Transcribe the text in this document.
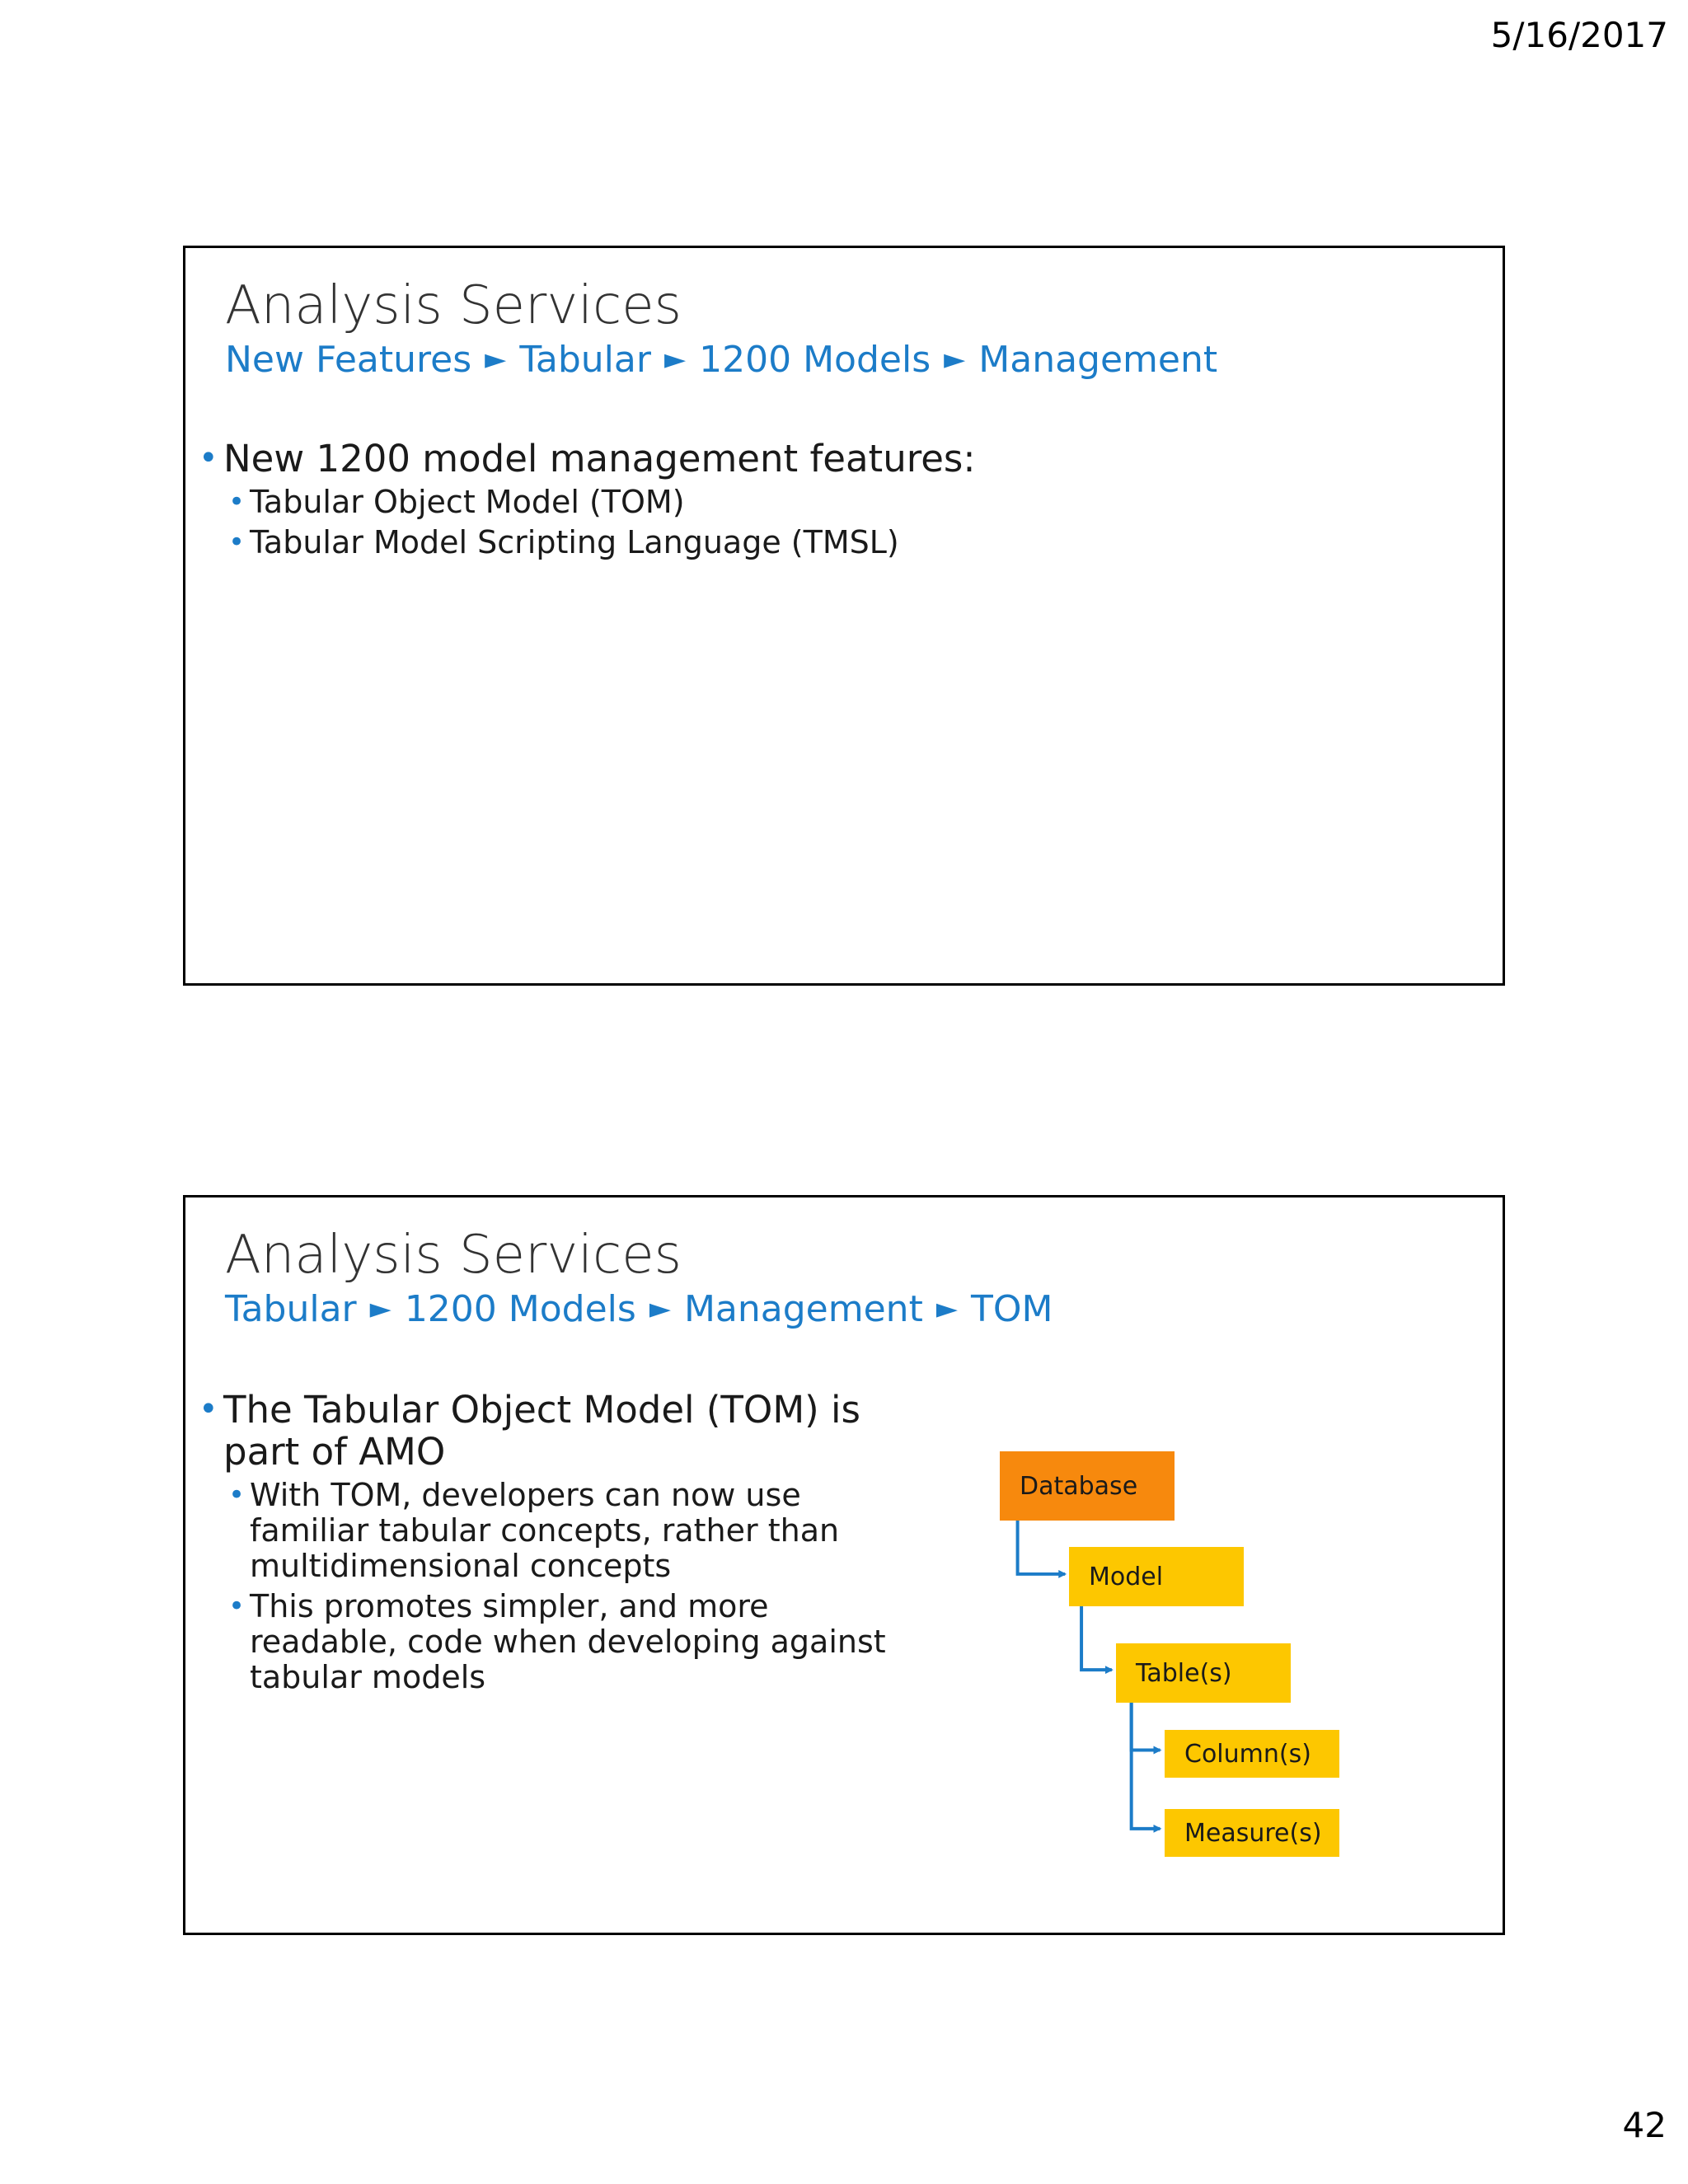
5/16/2017
Analysis Services
New Features ► Tabular ► 1200 Models ► Management
• New 1200 model management features:
• Tabular Object Model (TOM)
• Tabular Model Scripting Language (TMSL)
Analysis Services
Tabular ► 1200 Models ► Management ► TOM
• The Tabular Object Model (TOM) is part of AMO
• With TOM, developers can now use familiar tabular concepts, rather than multidimensional concepts
• This promotes simpler, and more readable, code when developing against tabular models
Database
Model
Table(s)
Column(s)
Measure(s)
42
